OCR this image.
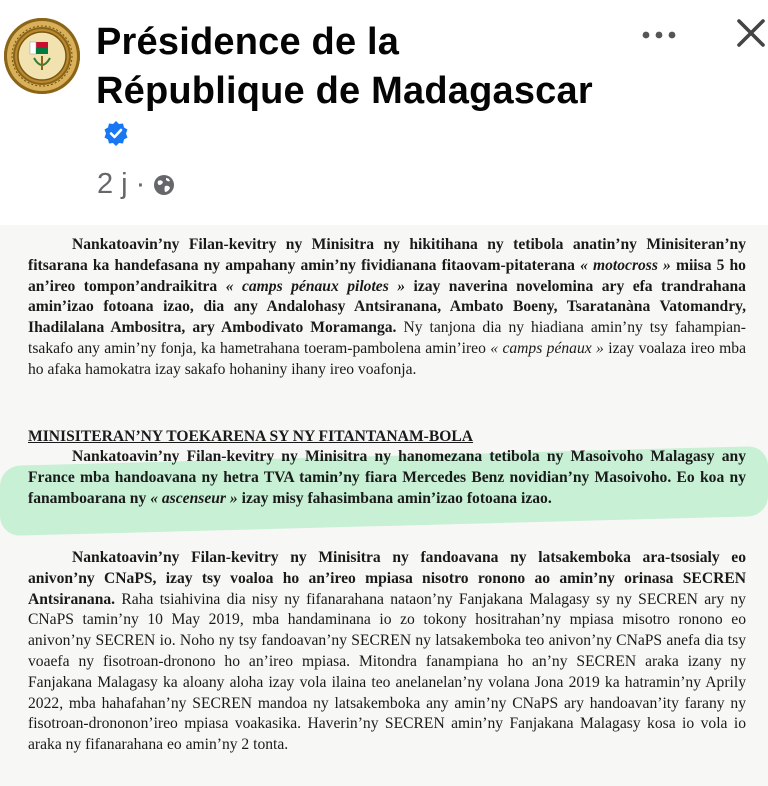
Présidence de la République de Madagascar
2 j ·

Nankatoavin’ny Filan-kevitry ny Minisitra ny hikitihana ny tetibola anatin’ny Minisiteran’ny fitsarana ka handefasana ny ampahany amin’ny fividianana fitaovam-pitaterana « motocross » miisa 5 ho an’ireo tompon’andraikitra « camps pénaux pilotes » izay naverina novelomina ary efa trandrahana amin’izao fotoana izao, dia any Andalohasy Antsiranana, Ambato Boeny, Tsaratanàna Vatomandry, Ihadilalana Ambositra, ary Ambodivato Moramanga. Ny tanjona dia ny hiadiana amin’ny tsy fahampian-tsakafo any amin’ny fonja, ka hametrahana toeram-pambolena amin’ireo « camps pénaux » izay voalaza ireo mba ho afaka hamokatra izay sakafo hohaniny ihany ireo voafonja.

MINISITERAN’NY TOEKARENA SY NY FITANTANAM-BOLA

Nankatoavin’ny Filan-kevitry ny Minisitra ny hanomezana tetibola ny Masoivoho Malagasy any France mba handoavana ny hetra TVA tamin’ny fiara Mercedes Benz novidian’ny Masoivoho. Eo koa ny fanamboarana ny « ascenseur » izay misy fahasimbana amin’izao fotoana izao.

Nankatoavin’ny Filan-kevitry ny Minisitra ny fandoavana ny latsakemboka ara-tsosialy eo anivon’ny CNaPS, izay tsy voaloa ho an’ireo mpiasa nisotro ronono ao amin’ny orinasa SECREN Antsiranana. Raha tsiahivina dia nisy ny fifanarahana nataon’ny Fanjakana Malagasy sy ny SECREN ary ny CNaPS tamin’ny 10 May 2019, mba handaminana io zo tokony hositrahan’ny mpiasa misotro ronono eo anivon’ny SECREN io. Noho ny tsy fandoavan’ny SECREN ny latsakemboka teo anivon’ny CNaPS anefa dia tsy voaefa ny fisotroan-dronono ho an’ireo mpiasa. Mitondra fanampiana ho an’ny SECREN araka izany ny Fanjakana Malagasy ka aloany aloha izay vola ilaina teo anelanelan’ny volana Jona 2019 ka hatramin’ny Aprily 2022, mba hahafahan’ny SECREN mandoa ny latsakemboka any amin’ny CNaPS ary handoavan’ity farany ny fisotroan-drononon’ireo mpiasa voakasika. Haverin’ny SECREN amin’ny Fanjakana Malagasy kosa io vola io araka ny fifanarahana eo amin’ny 2 tonta.
